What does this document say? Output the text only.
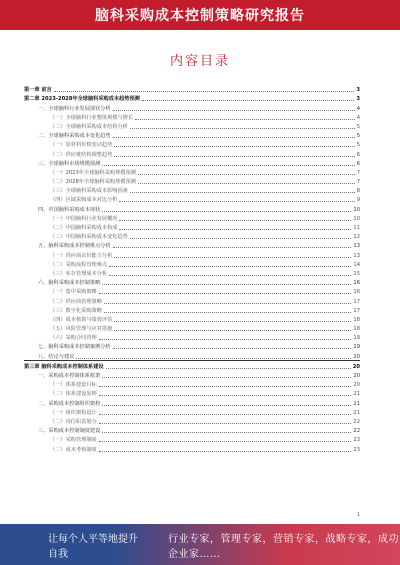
脑科采购成本控制策略研究报告
内容目录
第一章 前言	3
第二章 2023-2028年全球脑科采购成本趋势预测	3
一、全球脑科行业发展现状分析	4
（一）全球脑科行业整体规模与增长	4
（二）全球脑科采购成本结构分析	5
二、全球脑科采购成本变化趋势	5
（一）原材料价格变动趋势	5
（二）供应链结构调整趋势	6
三、全球脑科市场规模预测	6
（一）2023年全球脑科采购规模预测	7
（二）2028年全球脑科采购规模预测	7
（三）全球脑科采购成本影响因素	8
（四）区域采购成本对比分析	9
四、中国脑科采购成本现状	10
（一）中国脑科行业发展概况	10
（二）中国脑科采购成本构成	11
（三）中国脑科采购成本变化趋势	12
五、脑科采购成本控制难点分析	13
（一）供应商议价能力分析	13
（二）采购流程管理难点	14
（三）库存管理成本分析	15
六、脑科采购成本控制策略	16
（一）集中采购策略	16
（二）供应商管理策略	17
（三）数字化采购策略	17
（四）成本核算与绩效评估	18
（五）风险管理与应对措施	18
（六）采购合同管理	19
七、脑科采购成本控制案例分析	19
八、结论与建议	20
第三章 脑科采购成本控制体系建设	20
一、采购成本控制体系框架	20
（一）体系建设目标	20
（二）体系建设原则	21
二、采购成本控制组织架构	21
（一）组织架构设计	21
（二）岗位职责划分	22
三、采购成本控制制度建设	22
（一）采购管理制度	23
（二）成本考核制度	23
1
让每个人平等地提升自我
行业专家，管理专家，营销专家，战略专家，成功企业家……
